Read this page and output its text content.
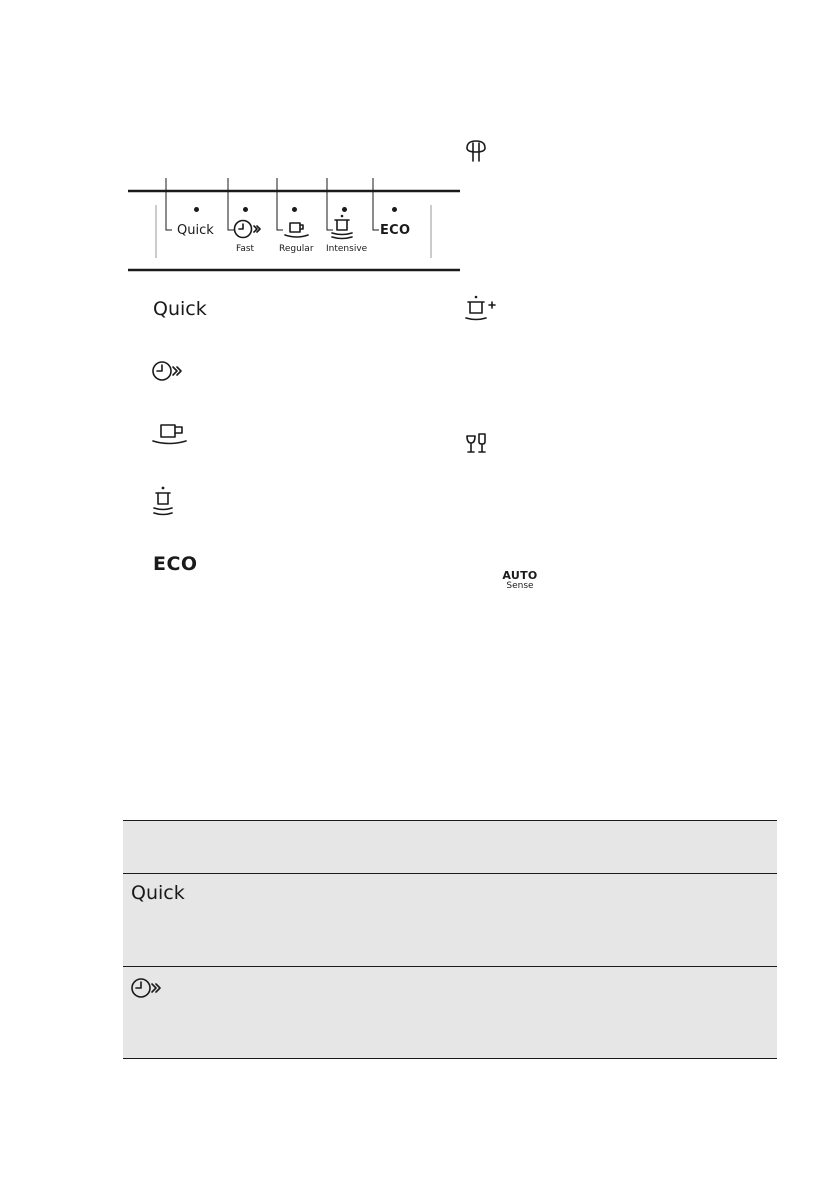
Quick
Fast	Regular Intensive
ECO
AUTO
Sense
Quick
ECO
Quick
